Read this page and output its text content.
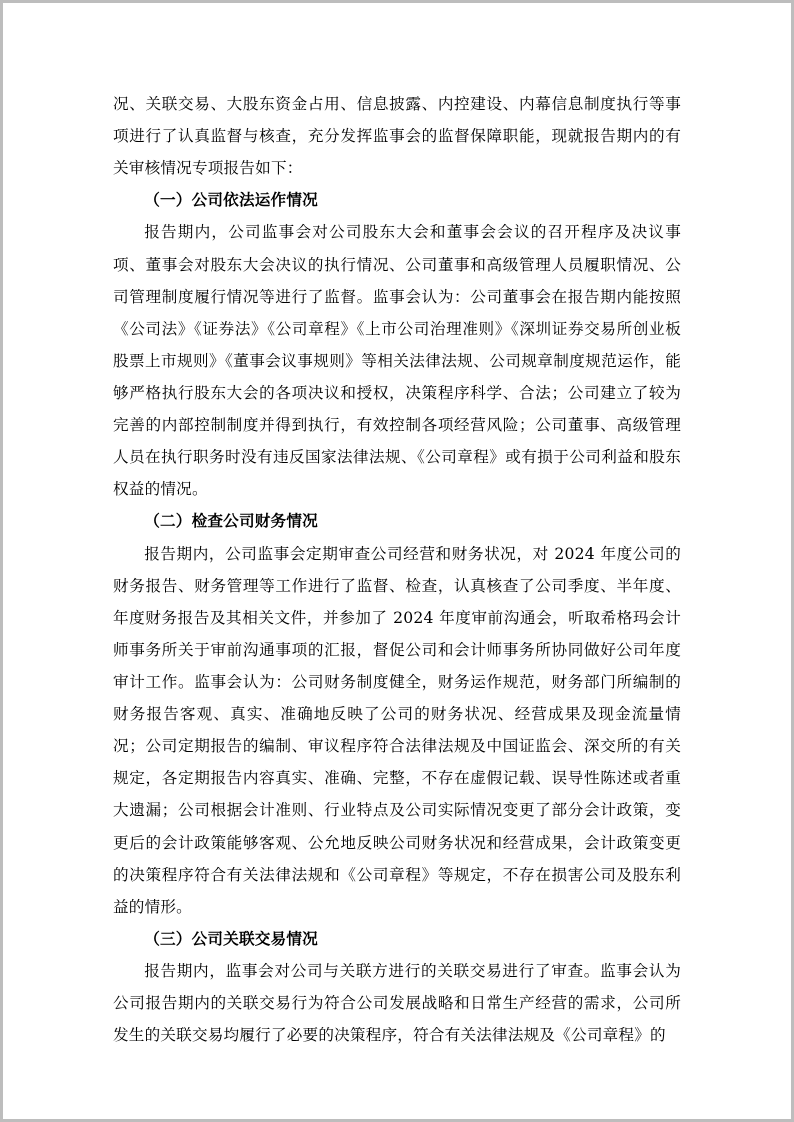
况、关联交易、大股东资金占用、信息披露、内控建设、内幕信息制度执行等事项进行了认真监督与核查，充分发挥监事会的监督保障职能，现就报告期内的有关审核情况专项报告如下：

（一）公司依法运作情况

报告期内，公司监事会对公司股东大会和董事会会议的召开程序及决议事项、董事会对股东大会决议的执行情况、公司董事和高级管理人员履职情况、公司管理制度履行情况等进行了监督。监事会认为：公司董事会在报告期内能按照《公司法》《证券法》《公司章程》《上市公司治理准则》《深圳证券交易所创业板股票上市规则》《董事会议事规则》等相关法律法规、公司规章制度规范运作，能够严格执行股东大会的各项决议和授权，决策程序科学、合法；公司建立了较为完善的内部控制制度并得到执行，有效控制各项经营风险；公司董事、高级管理人员在执行职务时没有违反国家法律法规、《公司章程》或有损于公司利益和股东权益的情况。

（二）检查公司财务情况

报告期内，公司监事会定期审查公司经营和财务状况，对 2024 年度公司的财务报告、财务管理等工作进行了监督、检查，认真核查了公司季度、半年度、年度财务报告及其相关文件，并参加了 2024 年度审前沟通会，听取希格玛会计师事务所关于审前沟通事项的汇报，督促公司和会计师事务所协同做好公司年度审计工作。监事会认为：公司财务制度健全，财务运作规范，财务部门所编制的财务报告客观、真实、准确地反映了公司的财务状况、经营成果及现金流量情况；公司定期报告的编制、审议程序符合法律法规及中国证监会、深交所的有关规定，各定期报告内容真实、准确、完整，不存在虚假记载、误导性陈述或者重大遗漏；公司根据会计准则、行业特点及公司实际情况变更了部分会计政策，变更后的会计政策能够客观、公允地反映公司财务状况和经营成果，会计政策变更的决策程序符合有关法律法规和《公司章程》等规定，不存在损害公司及股东利益的情形。

（三）公司关联交易情况

报告期内，监事会对公司与关联方进行的关联交易进行了审查。监事会认为公司报告期内的关联交易行为符合公司发展战略和日常生产经营的需求，公司所发生的关联交易均履行了必要的决策程序，符合有关法律法规及《公司章程》的
